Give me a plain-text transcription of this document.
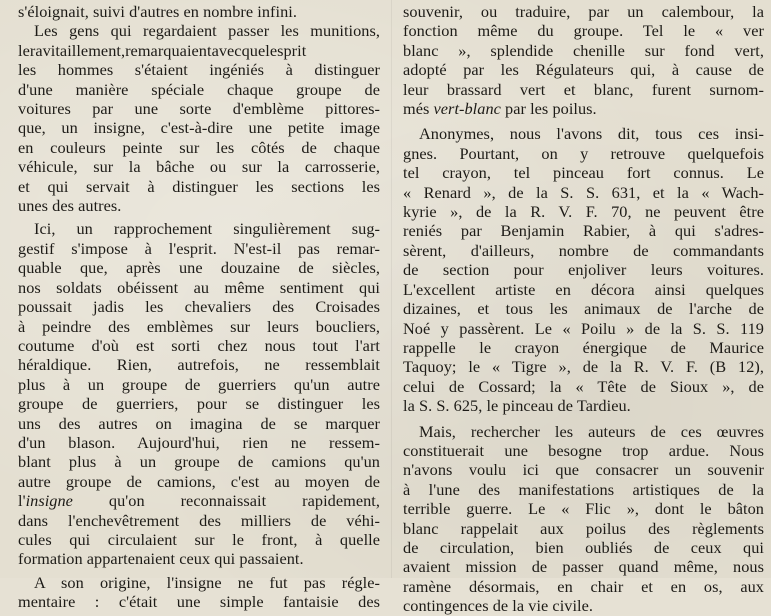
s'éloignait, suivi d'autres en nombre infini.

Les gens qui regardaient passer les munitions,
leravitaillement,remarquaientavecquelesprit
les hommes s'étaient ingéniés à distinguer
d'une manière spéciale chaque groupe de
voitures par une sorte d'emblème pittores-
que, un insigne, c'est-à-dire une petite image
en couleurs peinte sur les côtés de chaque
véhicule, sur la bâche ou sur la carrosserie,
et qui servait à distinguer les sections les
unes des autres.

Ici, un rapprochement singulièrement sug-
gestif s'impose à l'esprit. N'est-il pas remar-
quable que, après une douzaine de siècles,
nos soldats obéissent au même sentiment qui
poussait jadis les chevaliers des Croisades
à peindre des emblèmes sur leurs boucliers,
coutume d'où est sorti chez nous tout l'art
héraldique. Rien, autrefois, ne ressemblait
plus à un groupe de guerriers qu'un autre
groupe de guerriers, pour se distinguer les
uns des autres on imagina de se marquer
d'un blason. Aujourd'hui, rien ne ressem-
blant plus à un groupe de camions qu'un
autre groupe de camions, c'est au moyen de
l'insigne qu'on reconnaissait rapidement,
dans l'enchevêtrement des milliers de véhi-
cules qui circulaient sur le front, à quelle
formation appartenaient ceux qui passaient.

A son origine, l'insigne ne fut pas régle-
mentaire : c'était une simple fantaisie des

souvenir, ou traduire, par un calembour, la
fonction même du groupe. Tel le « ver
blanc », splendide chenille sur fond vert,
adopté par les Régulateurs qui, à cause de
leur brassard vert et blanc, furent surnom-
més vert-blanc par les poilus.

Anonymes, nous l'avons dit, tous ces insi-
gnes. Pourtant, on y retrouve quelquefois
tel crayon, tel pinceau fort connus. Le
« Renard », de la S. S. 631, et la « Wach-
kyrie », de la R. V. F. 70, ne peuvent être
reniés par Benjamin Rabier, à qui s'adres-
sèrent, d'ailleurs, nombre de commandants
de section pour enjoliver leurs voitures.
L'excellent artiste en décora ainsi quelques
dizaines, et tous les animaux de l'arche de
Noé y passèrent. Le « Poilu » de la S. S. 119
rappelle le crayon énergique de Maurice
Taquoy; le « Tigre », de la R. V. F. (B 12),
celui de Cossard; la « Tête de Sioux », de
la S. S. 625, le pinceau de Tardieu.

Mais, rechercher les auteurs de ces œuvres
constituerait une besogne trop ardue. Nous
n'avons voulu ici que consacrer un souvenir
à l'une des manifestations artistiques de la
terrible guerre. Le « Flic », dont le bâton
blanc rappelait aux poilus des règlements
de circulation, bien oubliés de ceux qui
avaient mission de passer quand même, nous
ramène désormais, en chair et en os, aux
contingences de la vie civile.
